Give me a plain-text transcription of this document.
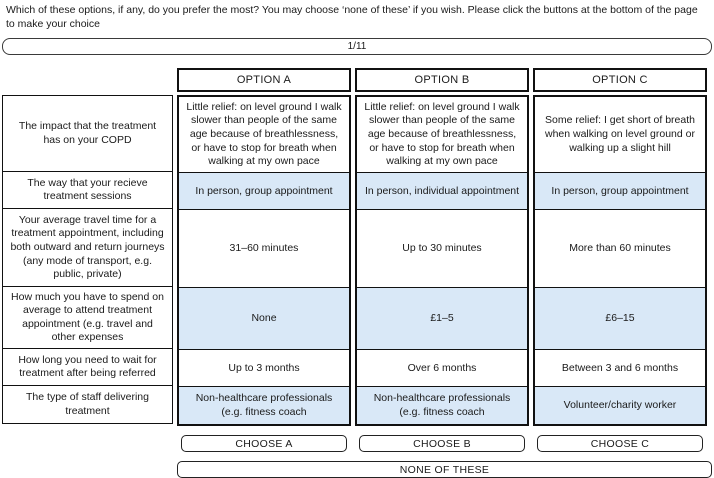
Which of these options, if any, do you prefer the most? You may choose ‘none of these’ if you wish. Please click the buttons at the bottom of the page to make your choice
1/11
The impact that the treatment has on your COPD
The way that your recieve treatment sessions
Your average travel time for a treatment appointment, including both outward and return journeys (any mode of transport, e.g. public, private)
How much you have to spend on average to attend treatment appointment (e.g. travel and other expenses
How long you need to wait for treatment after being referred
The type of staff delivering treatment
OPTION A
Little relief: on level ground I walk slower than people of the same age because of breathlessness, or have to stop for breath when walking at my own pace
In person, group appointment
31–60 minutes
None
Up to 3 months
Non-healthcare professionals (e.g. fitness coach
OPTION B
Little relief: on level ground I walk slower than people of the same age because of breathlessness, or have to stop for breath when walking at my own pace
In person, individual appointment
Up to 30 minutes
£1–5
Over 6 months
Non-healthcare professionals (e.g. fitness coach
OPTION C
Some relief: I get short of breath when walking on level ground or walking up a slight hill
In person, group appointment
More than 60 minutes
£6–15
Between 3 and 6 months
Volunteer/charity worker
CHOOSE A	CHOOSE B	CHOOSE C
NONE OF THESE
